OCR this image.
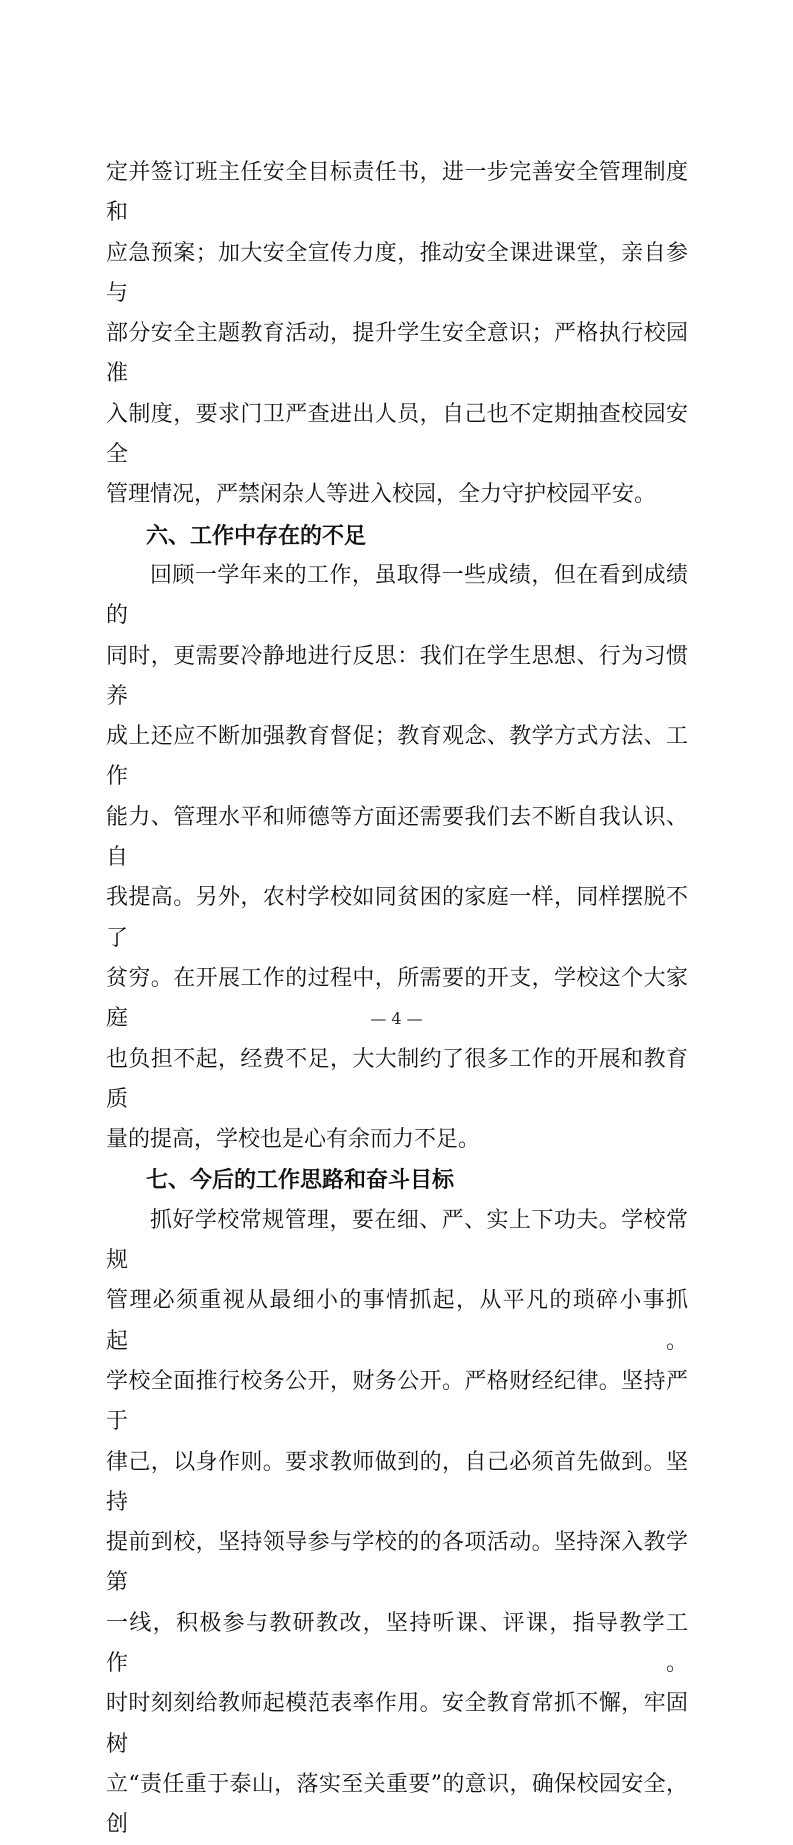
定并签订班主任安全目标责任书，进一步完善安全管理制度和

应急预案；加大安全宣传力度，推动安全课进课堂，亲自参与

部分安全主题教育活动，提升学生安全意识；严格执行校园准

入制度，要求门卫严查进出人员，自己也不定期抽查校园安全

管理情况，严禁闲杂人等进入校园，全力守护校园平安。

六、工作中存在的不足

回顾一学年来的工作，虽取得一些成绩，但在看到成绩的

同时，更需要冷静地进行反思：我们在学生思想、行为习惯养

成上还应不断加强教育督促；教育观念、教学方式方法、工作

能力、管理水平和师德等方面还需要我们去不断自我认识、自

我提高。另外，农村学校如同贫困的家庭一样，同样摆脱不了

贫穷。在开展工作的过程中，所需要的开支，学校这个大家庭

也负担不起，经费不足，大大制约了很多工作的开展和教育质

量的提高，学校也是心有余而力不足。

七、今后的工作思路和奋斗目标

抓好学校常规管理，要在细、严、实上下功夫。学校常规

管理必须重视从最细小的事情抓起，从平凡的琐碎小事抓起。

学校全面推行校务公开，财务公开。严格财经纪律。坚持严于

律己，以身作则。要求教师做到的，自己必须首先做到。坚持

提前到校，坚持领导参与学校的的各项活动。坚持深入教学第

一线，积极参与教研教改，坚持听课、评课，指导教学工作。

时时刻刻给教师起模范表率作用。安全教育常抓不懈，牢固树

立“责任重于泰山，落实至关重要”的意识，确保校园安全，创

— 4 —
